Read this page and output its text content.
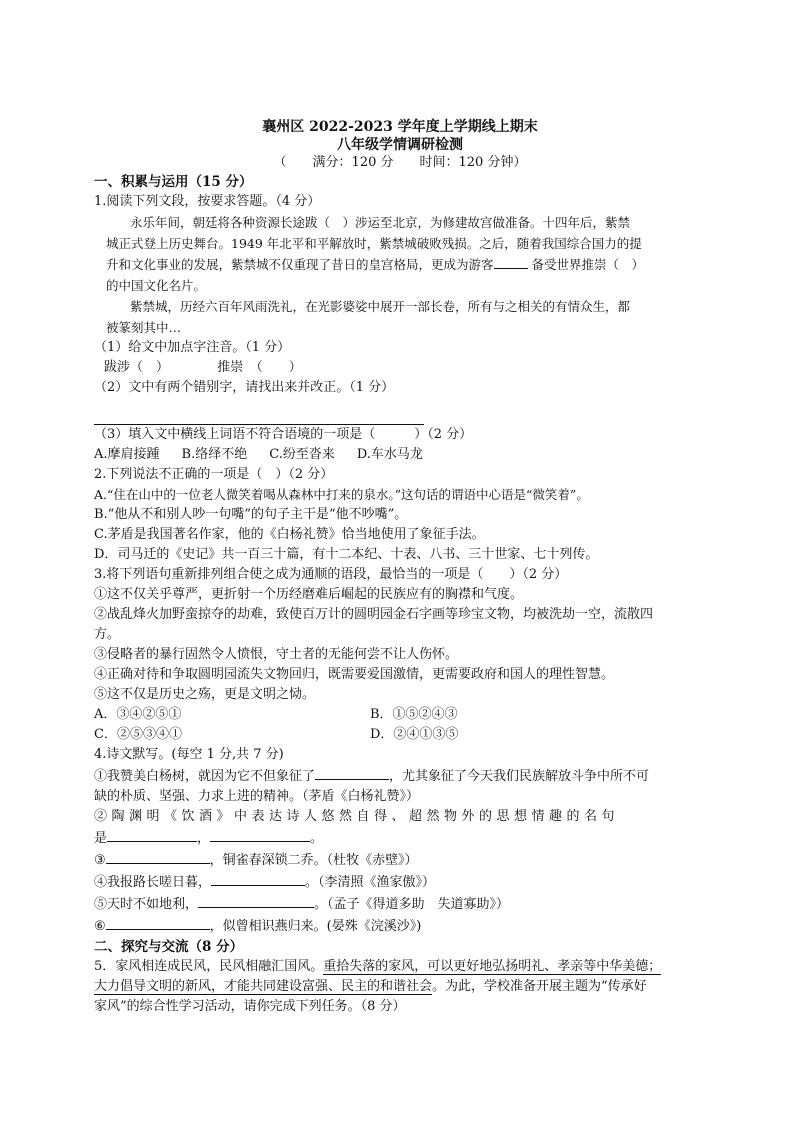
襄州区 2022-2023 学年度上学期线上期末
八年级学情调研检测
（　　满分：120 分　　时间：120 分钟）
一、积累与运用（15 分）
1.阅读下列文段，按要求答题。（4 分）
永乐年间，朝廷将各种资源长途跋（　）涉运至北京，为修建故宫做准备。十四年后，紫禁
城正式登上历史舞台。1949 年北平和平解放时，紫禁城破败残损。之后，随着我国综合国力的提
升和文化事业的发展，紫禁城不仅重现了昔日的皇宫格局，更成为游客	备受世界推崇（　）
的中国文化名片。
紫禁城，历经六百年风雨洗礼，在光影婆娑中展开一部长卷，所有与之相关的有情众生，都
被篆刻其中…
（1）给文中加点字注音。（1 分）
跋涉（　）	推崇　（　　）
（2）文中有两个错别字，请找出来并改正。（1 分）
（3）填入文中横线上词语不符合语境的一项是（　　　）（2 分）
A.摩肩接踵 B.络绎不绝 C.纷至沓来 D.车水马龙
2.下列说法不正确的一项是（　）（2 分）
A.“住在山中的一位老人微笑着喝从森林中打来的泉水。”这句话的谓语中心语是“微笑着”。
B.“他从不和别人吵一句嘴”的句子主干是“他不吵嘴”。
C.茅盾是我国著名作家，他的《白杨礼赞》恰当地使用了象征手法。
D．司马迁的《史记》共一百三十篇，有十二本纪、十表、八书、三十世家、七十列传。
3.将下列语句重新排列组合使之成为通顺的语段，最恰当的一项是（　　）（2 分）
①这不仅关乎尊严，更折射一个历经磨难后崛起的民族应有的胸襟和气度。
②战乱烽火加野蛮掠夺的劫难，致使百万计的圆明园金石字画等珍宝文物，均被洗劫一空，流散四
方。
③侵略者的暴行固然令人愤恨，守土者的无能何尝不让人伤怀。
④正确对待和争取圆明园流失文物回归，既需要爱国激情，更需要政府和国人的理性智慧。
⑤这不仅是历史之殇，更是文明之恸。
A．③④②⑤①	B．①⑤②④③
C．②⑤③④①	D．②④①③⑤
4.诗文默写。(每空 1 分,共 7 分)
①我赞美白杨树，就因为它不但象征了	，尤其象征了今天我们民族解放斗争中所不可
缺的朴质、坚强、力求上进的精神。（茅盾《白杨礼赞》）
②陶渊明《饮酒》中表达诗人悠然自得、超然物外的思想情趣的名句
是	，	。
③	，铜雀春深锁二乔。（杜牧《赤壁》）
④我报路长嗟日暮，	。（李清照《渔家傲》）
⑤天时不如地利，	。（孟子《得道多助　失道寡助》）
⑥	，似曾相识燕归来。(晏殊《浣溪沙》)
二、探究与交流（8 分）
5．家风相连成民风，民风相融汇国风。重拾失落的家风，可以更好地弘扬明礼、孝亲等中华美德；
大力倡导文明的新风，才能共同建设富强、民主的和谐社会。为此，学校准备开展主题为“传承好
家风”的综合性学习活动，请你完成下列任务。（8 分）
